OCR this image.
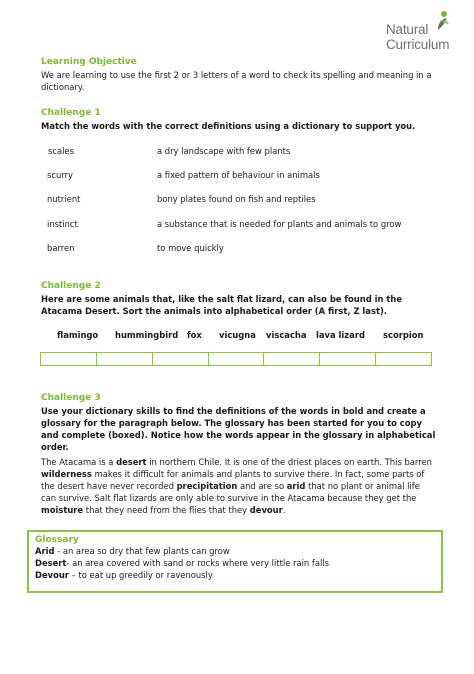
Natural
Curriculum
Learning Objective
We are learning to use the first 2 or 3 letters of a word to check its spelling and meaning in a dictionary.
Challenge 1
Match the words with the correct definitions using a dictionary to support you.
scales
scurry
nutrient
instinct
barren
a dry landscape with few plants
a fixed pattern of behaviour in animals
bony plates found on fish and reptiles
a substance that is needed for plants and animals to grow
to move quickly
Challenge 2
Here are some animals that, like the salt flat lizard, can also be found in the Atacama Desert. Sort the animals into alphabetical order (A first, Z last).
flamingo hummingbird fox vicugna viscacha lava lizard scorpion
Challenge 3
Use your dictionary skills to find the definitions of the words in bold and create a glossary for the paragraph below. The glossary has been started for you to copy and complete (boxed). Notice how the words appear in the glossary in alphabetical order.
The Atacama is a desert in northern Chile. It is one of the driest places on earth. This barren wilderness makes it difficult for animals and plants to survive there. In fact, some parts of the desert have never recorded precipitation and are so arid that no plant or animal life can survive. Salt flat lizards are only able to survive in the Atacama because they get the moisture that they need from the flies that they devour.
Glossary
Arid - an area so dry that few plants can grow
Desert- an area covered with sand or rocks where very little rain falls
Devour – to eat up greedily or ravenously
